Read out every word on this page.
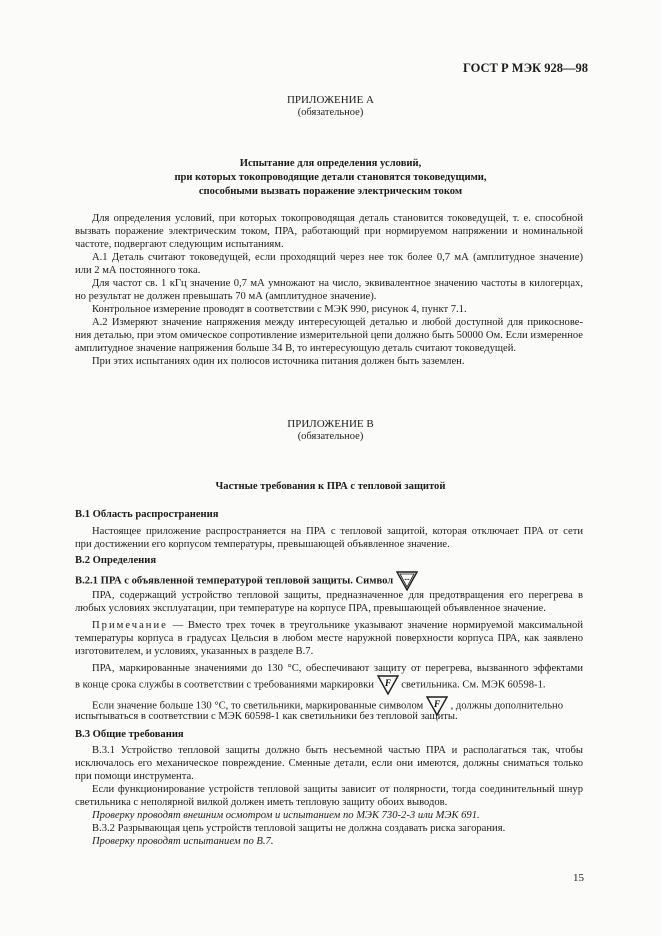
ГОСТ Р МЭК 928—98
ПРИЛОЖЕНИЕ А
(обязательное)
Испытание для определения условий,
при которых токопроводящие детали становятся токоведущими,
способными вызвать поражение электрическим током
Для определения условий, при которых токопроводящая деталь становится токоведущей, т. е. способной
вызвать поражение электрическим током, ПРА, работающий при нормируемом напряжении и номинальной
частоте, подвергают следующим испытаниям.
А.1 Деталь считают токоведущей, если проходящий через нее ток более 0,7 мА (амплитудное значение)
или 2 мА постоянного тока.
Для частот св. 1 кГц значение 0,7 мА умножают на число, эквивалентное значению частоты в килогерцах,
но результат не должен превышать 70 мА (амплитудное значение).
Контрольное измерение проводят в соответствии с МЭК 990, рисунок 4, пункт 7.1.
А.2 Измеряют значение напряжения между интересующей деталью и любой доступной для прикоснове-
ния деталью, при этом омическое сопротивление измерительной цепи должно быть 50000 Ом. Если измеренное
амплитудное значение напряжения больше 34 В, то интересующую деталь считают токоведущей.
При этих испытаниях один их полюсов источника питания должен быть заземлен.
ПРИЛОЖЕНИЕ В
(обязательное)
Частные требования к ПРА с тепловой защитой
В.1 Область распространения
Настоящее приложение распространяется на ПРА с тепловой защитой, которая отключает ПРА от сети
при достижении его корпусом температуры, превышающей объявленное значение.
В.2 Определения
В.2.1 ПРА с объявленной температурой тепловой защиты. Символ ...
ПРА, содержащий устройство тепловой защиты, предназначенное для предотвращения его перегрева в
любых условиях эксплуатации, при температуре на корпусе ПРА, превышающей объявленное значение.
Примечание — Вместо трех точек в треугольнике указывают значение нормируемой максимальной
температуры корпуса в градусах Цельсия в любом месте наружной поверхности корпуса ПРА, как заявлено
изготовителем, и условиях, указанных в разделе В.7.
ПРА, маркированные значениями до 130 °С, обеспечивают защиту от перегрева, вызванного эффектами
в конце срока службы в соответствии с требованиями маркировки F светильника. См. МЭК 60598-1.
Если значение больше 130 °С, то светильники, маркированные символом F , должны дополнительно
испытываться в соответствии с МЭК 60598-1 как светильники без тепловой защиты.
В.3 Общие требования
В.3.1 Устройство тепловой защиты должно быть несъемной частью ПРА и располагаться так, чтобы
исключалось его механическое повреждение. Сменные детали, если они имеются, должны сниматься только
при помощи инструмента.
Если функционирование устройств тепловой защиты зависит от полярности, тогда соединительный шнур
светильника с неполярной вилкой должен иметь тепловую защиту обоих выводов.
Проверку проводят внешним осмотром и испытанием по МЭК 730-2-3 или МЭК 691.
В.3.2 Разрывающая цепь устройств тепловой защиты не должна создавать риска загорания.
Проверку проводят испытанием по В.7.
15
